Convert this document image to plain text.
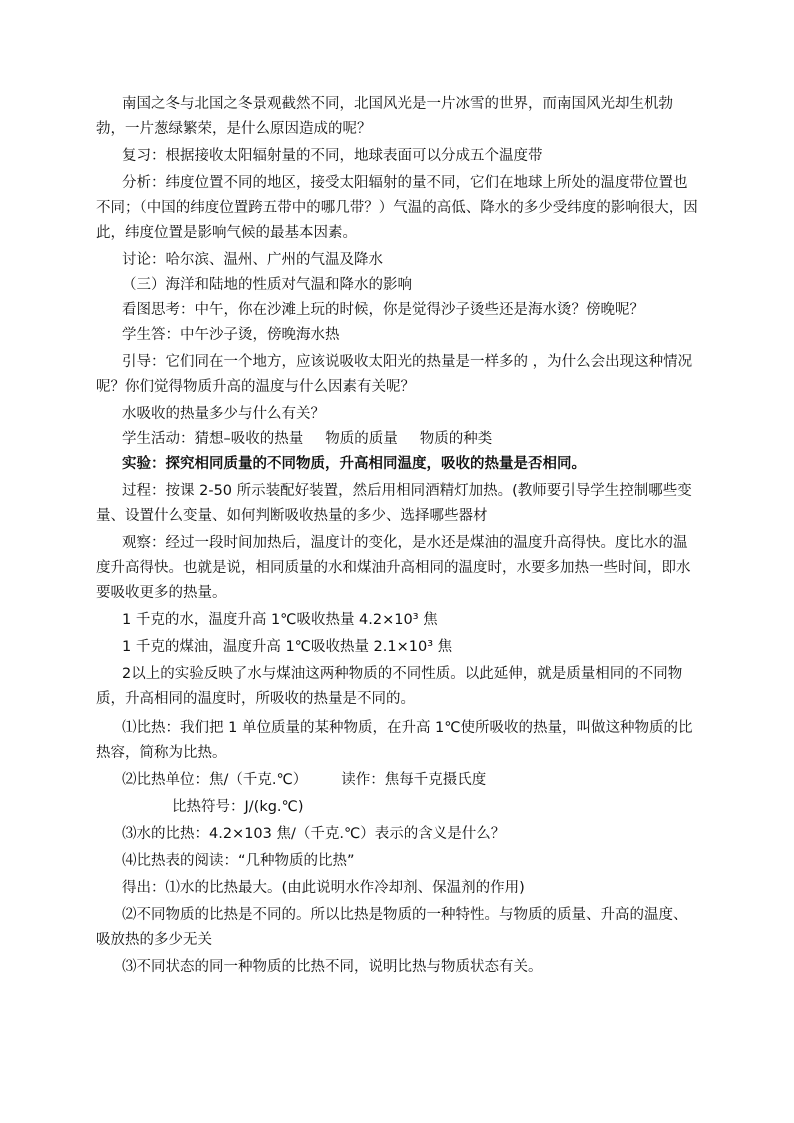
南国之冬与北国之冬景观截然不同，北国风光是一片冰雪的世界，而南国风光却生机勃勃，一片葱绿繁荣，是什么原因造成的呢？

复习：根据接收太阳辐射量的不同，地球表面可以分成五个温度带

分析：纬度位置不同的地区，接受太阳辐射的量不同，它们在地球上所处的温度带位置也不同；（中国的纬度位置跨五带中的哪几带？）气温的高低、降水的多少受纬度的影响很大，因此，纬度位置是影响气候的最基本因素。

讨论：哈尔滨、温州、广州的气温及降水

（三）海洋和陆地的性质对气温和降水的影响

看图思考：中午，你在沙滩上玩的时候，你是觉得沙子烫些还是海水烫？傍晚呢？

学生答：中午沙子烫，傍晚海水热

引导：它们同在一个地方，应该说吸收太阳光的热量是一样多的 ，为什么会出现这种情况呢？你们觉得物质升高的温度与什么因素有关呢？

水吸收的热量多少与什么有关？

学生活动：猜想–吸收的热量 物质的质量 物质的种类

实验：探究相同质量的不同物质，升高相同温度，吸收的热量是否相同。

过程：按课 2-50 所示装配好装置，然后用相同酒精灯加热。(教师要引导学生控制哪些变量、设置什么变量、如何判断吸收热量的多少、选择哪些器材

观察：经过一段时间加热后，温度计的变化，是水还是煤油的温度升高得快。度比水的温度升高得快。也就是说，相同质量的水和煤油升高相同的温度时，水要多加热一些时间，即水要吸收更多的热量。

1 千克的水，温度升高 1℃吸收热量 4.2×10³ 焦

1 千克的煤油，温度升高 1℃吸收热量 2.1×10³ 焦

2以上的实验反映了水与煤油这两种物质的不同性质。以此延伸，就是质量相同的不同物质，升高相同的温度时，所吸收的热量是不同的。

⑴比热：我们把 1 单位质量的某种物质，在升高 1℃使所吸收的热量，叫做这种物质的比热容，简称为比热。

⑵比热单位：焦/（千克.℃） 读作：焦每千克摄氏度

比热符号：J/(kg.℃)

⑶水的比热：4.2×103 焦/（千克.℃）表示的含义是什么？

⑷比热表的阅读：“几种物质的比热”

得出：⑴水的比热最大。(由此说明水作冷却剂、保温剂的作用)

⑵不同物质的比热是不同的。所以比热是物质的一种特性。与物质的质量、升高的温度、吸放热的多少无关

⑶不同状态的同一种物质的比热不同，说明比热与物质状态有关。
